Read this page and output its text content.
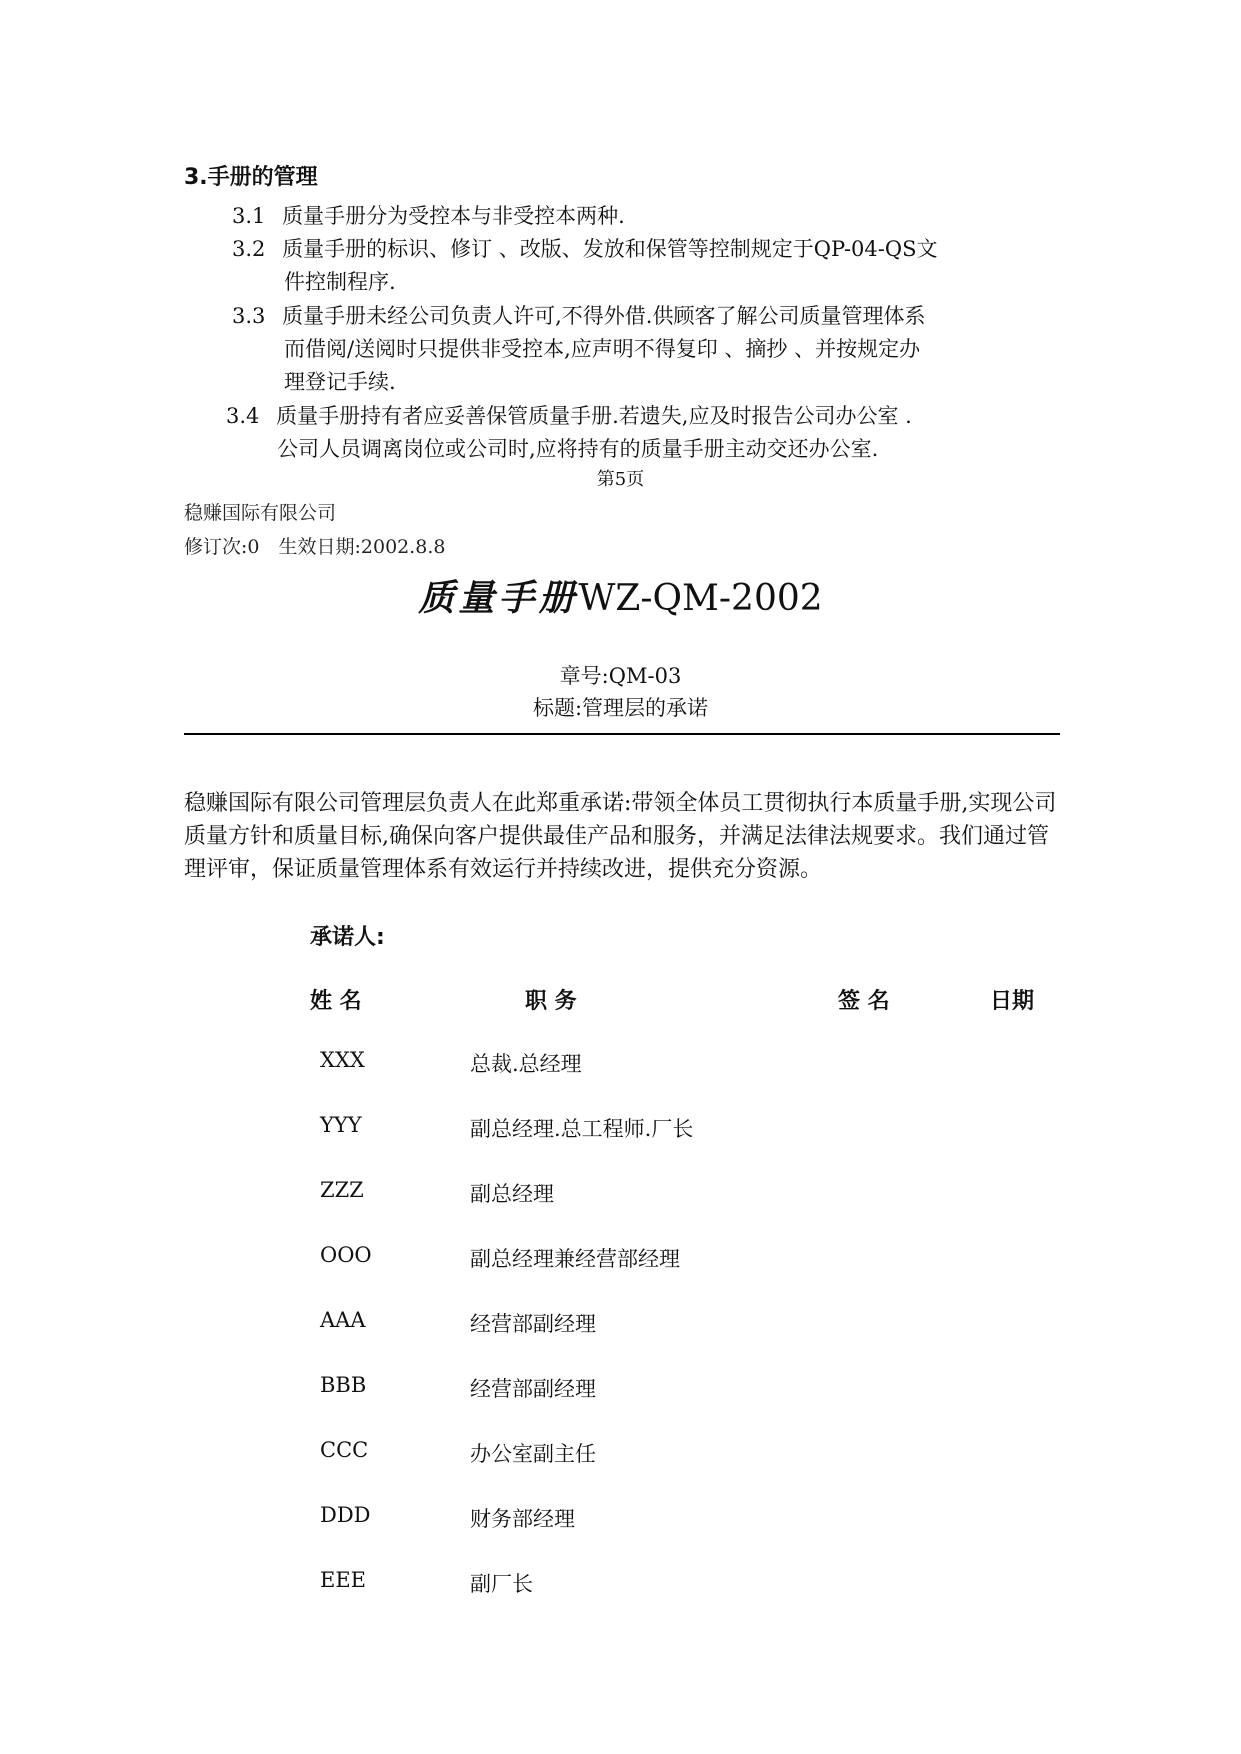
3.手册的管理
3.1 质量手册分为受控本与非受控本两种.
3.2 质量手册的标识、修订 、改版、发放和保管等控制规定于QP-04-QS文
件控制程序.
3.3 质量手册未经公司负责人许可,不得外借.供顾客了解公司质量管理体系
而借阅/送阅时只提供非受控本,应声明不得复印 、摘抄 、并按规定办
理登记手续.
3.4 质量手册持有者应妥善保管质量手册.若遗失,应及时报告公司办公室 .
公司人员调离岗位或公司时,应将持有的质量手册主动交还办公室.
第5页
稳赚国际有限公司
修订次:0　生效日期:2002.8.8
质量手册WZ-QM-2002
章号:QM-03
标题:管理层的承诺
稳赚国际有限公司管理层负责人在此郑重承诺:带领全体员工贯彻执行本质量手册,实现公司质量方针和质量目标,确保向客户提供最佳产品和服务，并满足法律法规要求。我们通过管理评审，保证质量管理体系有效运行并持续改进，提供充分资源。
承诺人:
姓 名	职 务	签 名	日期
XXX	总裁.总经理
YYY	副总经理.总工程师.厂长
ZZZ	副总经理
OOO	副总经理兼经营部经理
AAA	经营部副经理
BBB	经营部副经理
CCC	办公室副主任
DDD	财务部经理
EEE	副厂长
